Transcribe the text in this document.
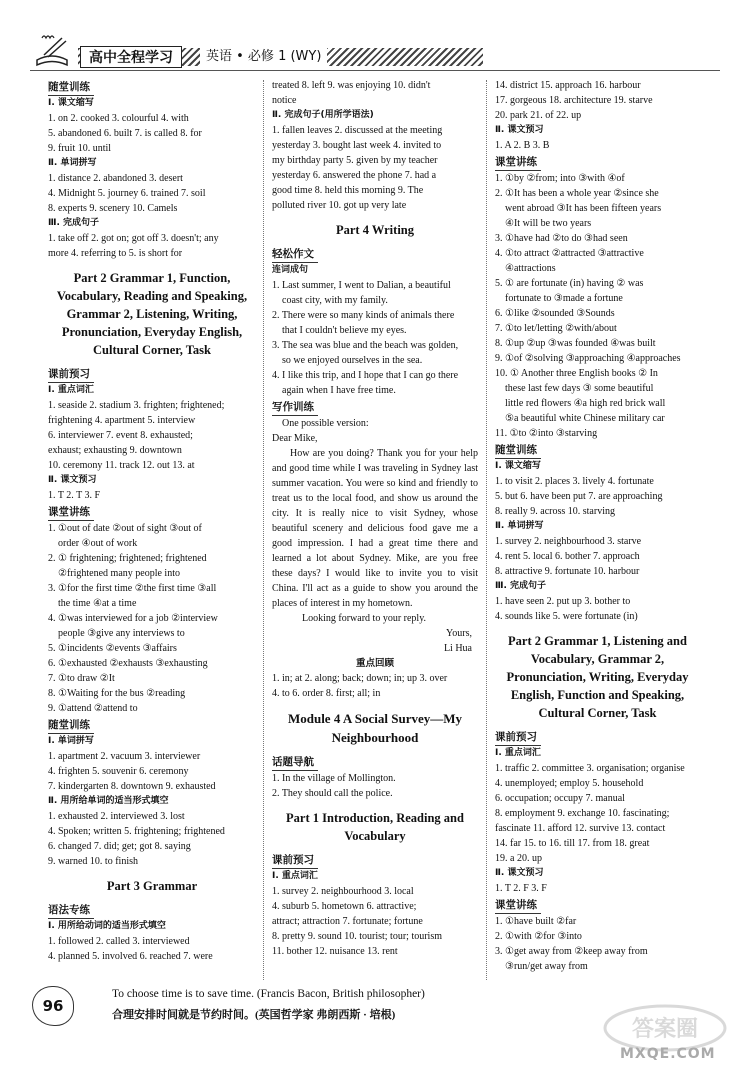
高中全程学习	英语 • 必修 1 (WY)
随堂训练
Ⅰ. 课文缩写
1. on 2. cooked 3. colourful 4. with
5. abandoned 6. built 7. is called 8. for
9. fruit 10. until
Ⅱ. 单词拼写
1. distance 2. abandoned 3. desert
4. Midnight 5. journey 6. trained 7. soil
8. experts 9. scenery 10. Camels
Ⅲ. 完成句子
1. take off 2. got on; got off 3. doesn't; any
more 4. referring to 5. is short for
Part 2 Grammar 1, Function, Vocabulary, Reading and Speaking, Grammar 2, Listening, Writing, Pronunciation, Everyday English, Cultural Corner, Task
课前预习
Ⅰ. 重点词汇
1. seaside 2. stadium 3. frighten; frightened;
frightening 4. apartment 5. interview
6. interviewer 7. event 8. exhausted;
exhaust; exhausting 9. downtown
10. ceremony 11. track 12. out 13. at
Ⅱ. 课文预习
1. T 2. T 3. F
课堂讲练
1. ①out of date ②out of sight ③out of
order ④out of work
2. ① frightening; frightened; frightened
②frightened many people into
3. ①for the first time ②the first time ③all
the time ④at a time
4. ①was interviewed for a job ②interview
people ③give any interviews to
5. ①incidents ②events ③affairs
6. ①exhausted ②exhausts ③exhausting
7. ①to draw ②It
8. ①Waiting for the bus ②reading
9. ①attend ②attend to
随堂训练
Ⅰ. 单词拼写
1. apartment 2. vacuum 3. interviewer
4. frighten 5. souvenir 6. ceremony
7. kindergarten 8. downtown 9. exhausted
Ⅱ. 用所给单词的适当形式填空
1. exhausted 2. interviewed 3. lost
4. Spoken; written 5. frightening; frightened
6. changed 7. did; get; got 8. saying
9. warned 10. to finish
Part 3 Grammar
语法专练
Ⅰ. 用所给动词的适当形式填空
1. followed 2. called 3. interviewed
4. planned 5. involved 6. reached 7. were
treated 8. left 9. was enjoying 10. didn't
notice
Ⅱ. 完成句子(用所学语法)
1. fallen leaves 2. discussed at the meeting
yesterday 3. bought last week 4. invited to
my birthday party 5. given by my teacher
yesterday 6. answered the phone 7. had a
good time 8. held this morning 9. The
polluted river 10. got up very late
Part 4 Writing
轻松作文
连词成句
1. Last summer, I went to Dalian, a beautiful
coast city, with my family.
2. There were so many kinds of animals there
that I couldn't believe my eyes.
3. The sea was blue and the beach was golden,
so we enjoyed ourselves in the sea.
4. I like this trip, and I hope that I can go there
again when I have free time.
写作训练
One possible version:
Dear Mike,
How are you doing? Thank you for your help and good time while I was traveling in Sydney last summer vacation. You were so kind and friendly to treat us to the local food, and show us around the city. It is really nice to visit Sydney, whose beautiful scenery and delicious food gave me a good impression. I had a great time there and learned a lot about Sydney. Mike, are you free these days? I would like to invite you to visit China. I'll act as a guide to show you around the places of interest in my hometown.
Looking forward to your reply.
Yours,
Li Hua
重点回顾
1. in; at 2. along; back; down; in; up 3. over
4. to 6. order 8. first; all; in
Module 4 A Social Survey—My Neighbourhood
话题导航
1. In the village of Mollington.
2. They should call the police.
Part 1 Introduction, Reading and Vocabulary
课前预习
Ⅰ. 重点词汇
1. survey 2. neighbourhood 3. local
4. suburb 5. hometown 6. attractive;
attract; attraction 7. fortunate; fortune
8. pretty 9. sound 10. tourist; tour; tourism
11. bother 12. nuisance 13. rent
14. district 15. approach 16. harbour
17. gorgeous 18. architecture 19. starve
20. park 21. of 22. up
Ⅱ. 课文预习
1. A 2. B 3. B
课堂讲练
1. ①by ②from; into ③with ④of
2. ①It has been a whole year ②since she
went abroad ③It has been fifteen years
④It will be two years
3. ①have had ②to do ③had seen
4. ①to attract ②attracted ③attractive
④attractions
5. ① are fortunate (in) having ② was
fortunate to ③made a fortune
6. ①like ②sounded ③Sounds
7. ①to let/letting ②with/about
8. ①up ②up ③was founded ④was built
9. ①of ②solving ③approaching ④approaches
10. ① Another three English books ② In
these last few days ③ some beautiful
little red flowers ④a high red brick wall
⑤a beautiful white Chinese military car
11. ①to ②into ③starving
随堂训练
Ⅰ. 课文缩写
1. to visit 2. places 3. lively 4. fortunate
5. but 6. have been put 7. are approaching
8. really 9. across 10. starving
Ⅱ. 单词拼写
1. survey 2. neighbourhood 3. starve
4. rent 5. local 6. bother 7. approach
8. attractive 9. fortunate 10. harbour
Ⅲ. 完成句子
1. have seen 2. put up 3. bother to
4. sounds like 5. were fortunate (in)
Part 2 Grammar 1, Listening and Vocabulary, Grammar 2, Pronunciation, Writing, Everyday English, Function and Speaking, Cultural Corner, Task
课前预习
Ⅰ. 重点词汇
1. traffic 2. committee 3. organisation; organise
4. unemployed; employ 5. household
6. occupation; occupy 7. manual
8. employment 9. exchange 10. fascinating;
fascinate 11. afford 12. survive 13. contact
14. far 15. to 16. till 17. from 18. great
19. a 20. up
Ⅱ. 课文预习
1. T 2. F 3. F
课堂讲练
1. ①have built ②far
2. ①with ②for ③into
3. ①get away from ②keep away from
③run/get away from
96
To choose time is to save time. (Francis Bacon, British philosopher)
合理安排时间就是节约时间。(英国哲学家 弗朗西斯 · 培根)
答案圈
MXQE.COM
